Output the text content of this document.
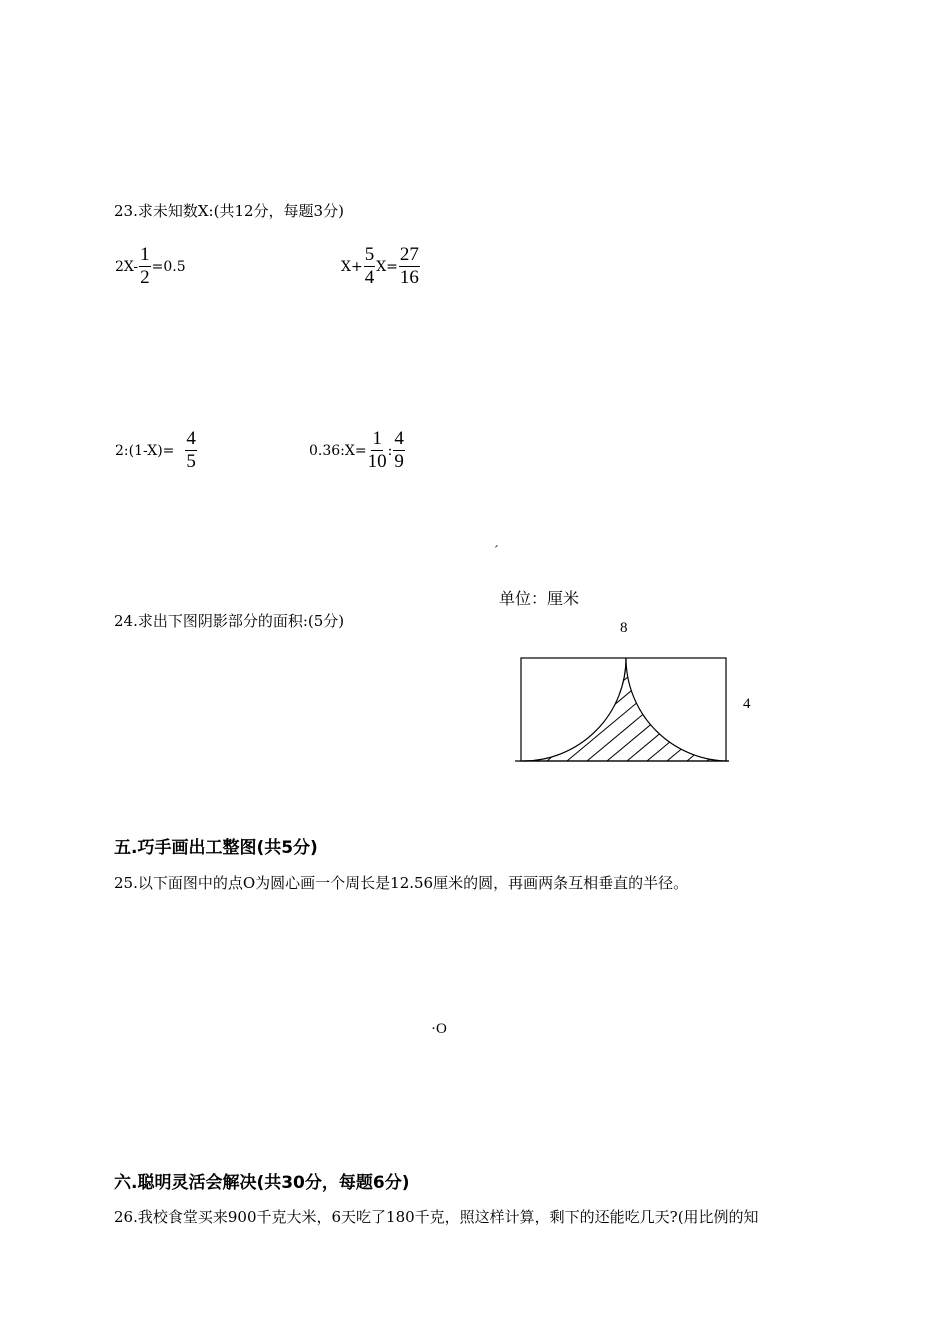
23.求未知数X:(共12分，每题3分)
$2X- \frac{1}{2} =0.5$	$X+ \frac{5}{4} X= \frac{27}{16}$
2:(1-X)= $\frac{4}{5}$	0.36:X= $\frac{1}{10}$ : $\frac{4}{9}$
ˊ
单位：厘米
24.求出下图阴影部分的面积:(5分)	8
4
五.巧手画出工整图(共5分)
25.以下面图中的点O为圆心画一个周长是12.56厘米的圆，再画两条互相垂直的半径。
·O
六.聪明灵活会解决(共30分，每题6分)
26.我校食堂买来900千克大米，6天吃了180千克，照这样计算，剩下的还能吃几天?(用比例的知
